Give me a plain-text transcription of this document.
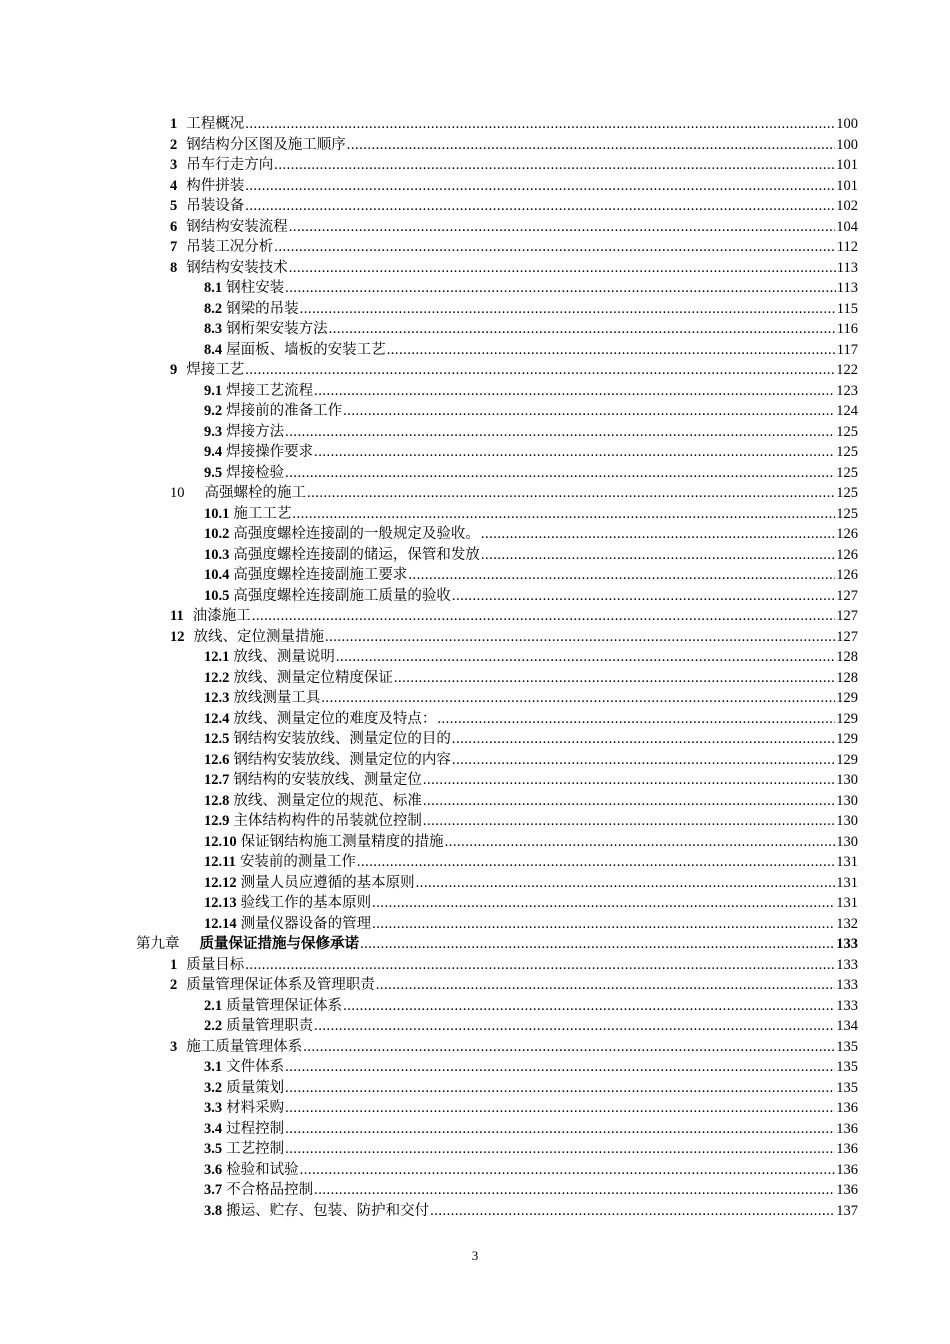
1 工程概况 .....	100
2 钢结构分区图及施工顺序 .....	100
3 吊车行走方向 .....	101
4 构件拼装 .....	101
5 吊装设备 .....	102
6 钢结构安装流程 .....	104
7 吊装工况分析 .....	112
8 钢结构安装技术 .....	113
8.1 钢柱安装 .....	113
8.2 钢梁的吊装 .....	115
8.3 钢桁架安装方法 .....	116
8.4 屋面板、墙板的安装工艺 .....	117
9 焊接工艺 .....	122
9.1 焊接工艺流程 .....	123
9.2 焊接前的准备工作 .....	124
9.3 焊接方法 .....	125
9.4 焊接操作要求 .....	125
9.5 焊接检验 .....	125
10 高强螺栓的施工 .....	125
10.1 施工工艺 .....	125
10.2 高强度螺栓连接副的一般规定及验收。 .....	126
10.3 高强度螺栓连接副的储运，保管和发放 .....	126
10.4 高强度螺栓连接副施工要求 .....	126
10.5 高强度螺栓连接副施工质量的验收 .....	127
11 油漆施工 .....	127
12 放线、定位测量措施 .....	127
12.1 放线、测量说明 .....	128
12.2 放线、测量定位精度保证 .....	128
12.3 放线测量工具 .....	129
12.4 放线、测量定位的难度及特点： .....	129
12.5 钢结构安装放线、测量定位的目的 .....	129
12.6 钢结构安装放线、测量定位的内容 .....	129
12.7 钢结构的安装放线、测量定位 .....	130
12.8 放线、测量定位的规范、标准 .....	130
12.9 主体结构构件的吊装就位控制 .....	130
12.10 保证钢结构施工测量精度的措施 .....	130
12.11 安装前的测量工作 .....	131
12.12 测量人员应遵循的基本原则 .....	131
12.13 验线工作的基本原则 .....	131
12.14 测量仪器设备的管理 .....	132
第九章 质量保证措施与保修承诺 .....	133
1 质量目标 .....	133
2 质量管理保证体系及管理职责 .....	133
2.1 质量管理保证体系 .....	133
2.2 质量管理职责 .....	134
3 施工质量管理体系 .....	135
3.1 文件体系 .....	135
3.2 质量策划 .....	135
3.3 材料采购 .....	136
3.4 过程控制 .....	136
3.5 工艺控制 .....	136
3.6 检验和试验 .....	136
3.7 不合格品控制 .....	136
3.8 搬运、贮存、包装、防护和交付 .....	137
3
